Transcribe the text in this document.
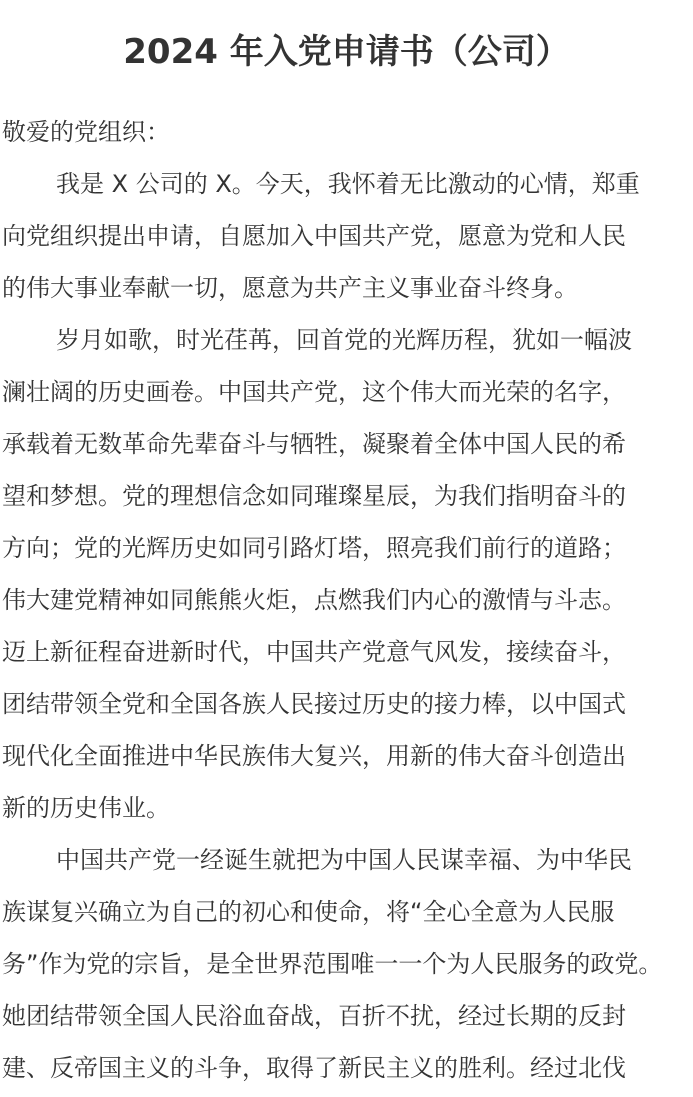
2024 年入党申请书（公司）
敬爱的党组织：
我是 X 公司的 X。今天，我怀着无比激动的心情，郑重
向党组织提出申请，自愿加入中国共产党，愿意为党和人民
的伟大事业奉献一切，愿意为共产主义事业奋斗终身。
岁月如歌，时光荏苒，回首党的光辉历程，犹如一幅波
澜壮阔的历史画卷。中国共产党，这个伟大而光荣的名字，
承载着无数革命先辈奋斗与牺牲，凝聚着全体中国人民的希
望和梦想。党的理想信念如同璀璨星辰，为我们指明奋斗的
方向；党的光辉历史如同引路灯塔，照亮我们前行的道路；
伟大建党精神如同熊熊火炬，点燃我们内心的激情与斗志。
迈上新征程奋进新时代，中国共产党意气风发，接续奋斗，
团结带领全党和全国各族人民接过历史的接力棒，以中国式
现代化全面推进中华民族伟大复兴，用新的伟大奋斗创造出
新的历史伟业。
中国共产党一经诞生就把为中国人民谋幸福、为中华民
族谋复兴确立为自己的初心和使命，将“全心全意为人民服
务”作为党的宗旨，是全世界范围唯一一个为人民服务的政党。
她团结带领全国人民浴血奋战，百折不扰，经过长期的反封
建、反帝国主义的斗争，取得了新民主义的胜利。经过北伐
